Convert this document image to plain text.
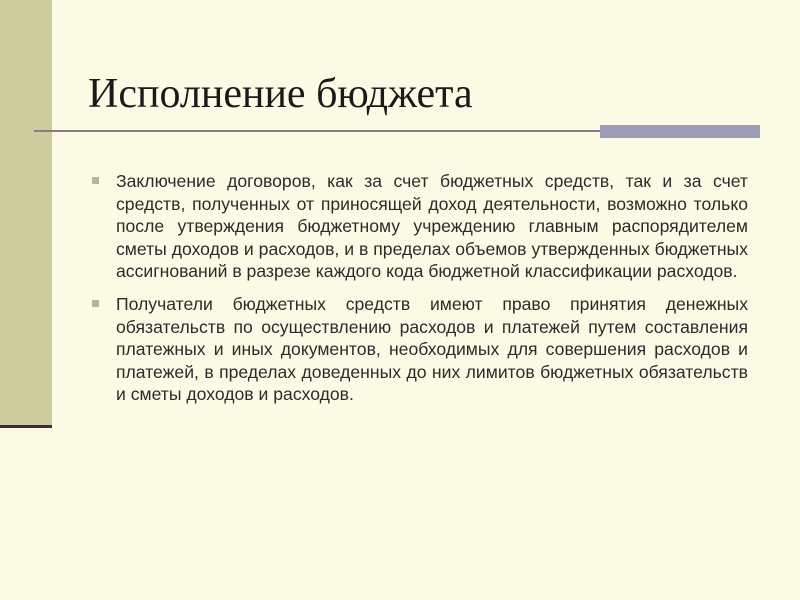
Исполнение бюджета
Заключение договоров, как за счет бюджетных средств, так и за счет средств, полученных от приносящей доход деятельности, возможно только после утверждения бюджетному учреждению главным распорядителем сметы доходов и расходов, и в пределах объемов утвержденных бюджетных ассигнований в разрезе каждого кода бюджетной классификации расходов.
Получатели бюджетных средств имеют право принятия денежных обязательств по осуществлению расходов и платежей путем составления платежных и иных документов, необходимых для совершения расходов и платежей, в пределах доведенных до них лимитов бюджетных обязательств и сметы доходов и расходов.
